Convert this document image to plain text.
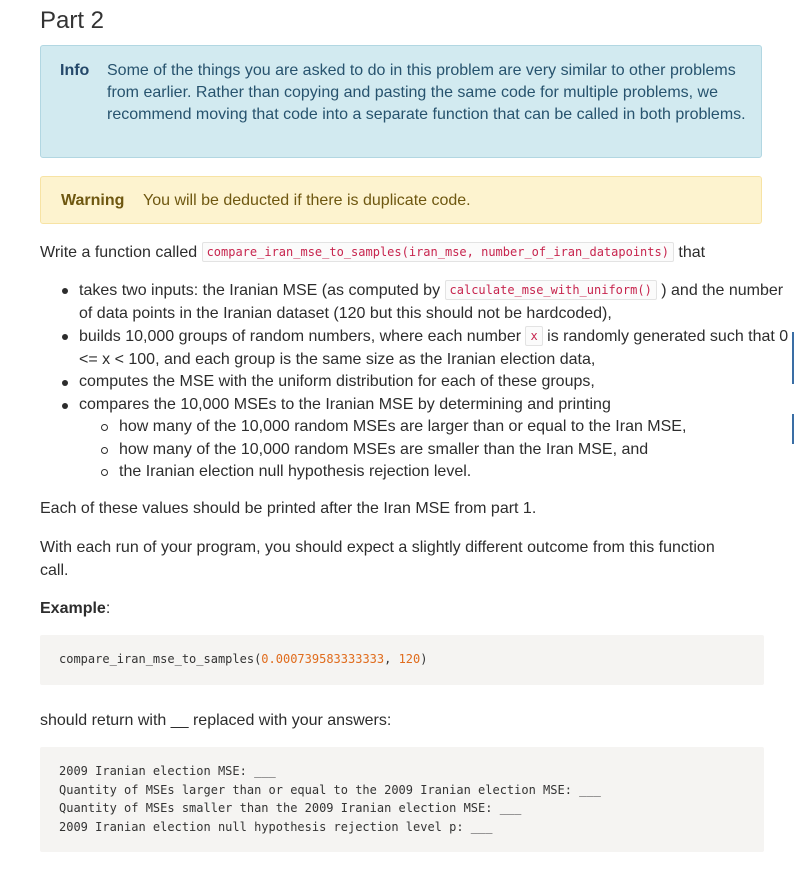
Part 2
Info Some of the things you are asked to do in this problem are very similar to other problems from earlier. Rather than copying and pasting the same code for multiple problems, we recommend moving that code into a separate function that can be called in both problems.
Warning You will be deducted if there is duplicate code.

Write a function called compare_iran_mse_to_samples(iran_mse, number_of_iran_datapoints) that

takes two inputs: the Iranian MSE (as computed by calculate_mse_with_uniform() ) and the number of data points in the Iranian dataset (120 but this should not be hardcoded),
builds 10,000 groups of random numbers, where each number x is randomly generated such that 0 <= x < 100, and each group is the same size as the Iranian election data,
computes the MSE with the uniform distribution for each of these groups,
compares the 10,000 MSEs to the Iranian MSE by determining and printing
how many of the 10,000 random MSEs are larger than or equal to the Iran MSE,
how many of the 10,000 random MSEs are smaller than the Iran MSE, and
the Iranian election null hypothesis rejection level.

Each of these values should be printed after the Iran MSE from part 1.

With each run of your program, you should expect a slightly different outcome from this function call.

Example:

compare_iran_mse_to_samples(0.000739583333333, 120)

should return with __ replaced with your answers:

2009 Iranian election MSE: ___
Quantity of MSEs larger than or equal to the 2009 Iranian election MSE: ___
Quantity of MSEs smaller than the 2009 Iranian election MSE: ___
2009 Iranian election null hypothesis rejection level p: ___
